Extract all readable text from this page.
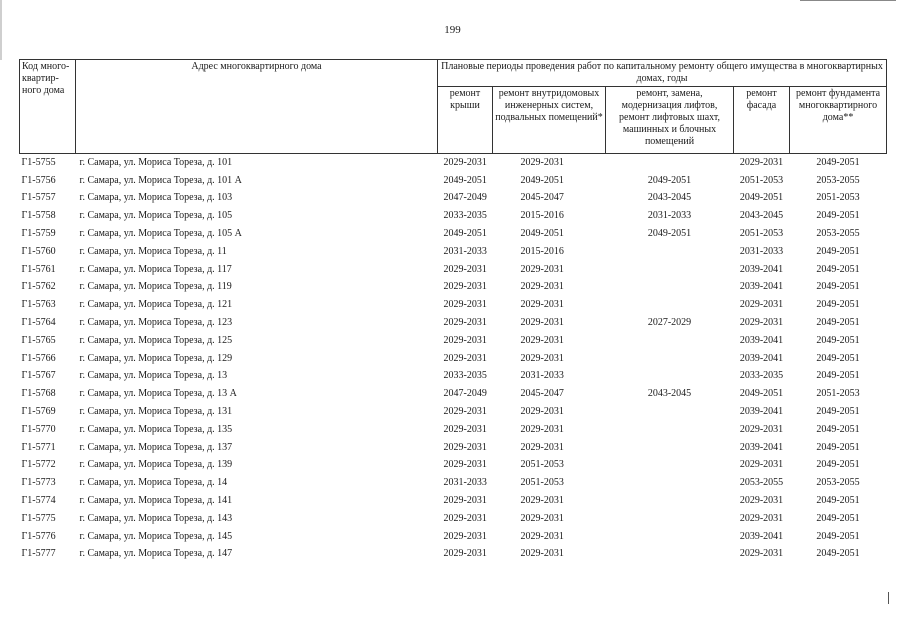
199
Код много-квартир-ного дома	Адрес многоквартирного дома	Плановые периоды проведения работ по капитальному ремонту общего имущества в многоквартирных домах, годы				
		ремонт крыши	ремонт внутридомовых инженерных систем, подвальных помещений*	ремонт, замена, модернизация лифтов, ремонт лифтовых шахт, машинных и блочных помещений	ремонт фасада	ремонт фундамента многоквартирного дома**
Г1-5755	г. Самара, ул. Мориса Тореза, д. 101	2029-2031	2029-2031		2029-2031	2049-2051
Г1-5756	г. Самара, ул. Мориса Тореза, д. 101 А	2049-2051	2049-2051	2049-2051	2051-2053	2053-2055
Г1-5757	г. Самара, ул. Мориса Тореза, д. 103	2047-2049	2045-2047	2043-2045	2049-2051	2051-2053
Г1-5758	г. Самара, ул. Мориса Тореза, д. 105	2033-2035	2015-2016	2031-2033	2043-2045	2049-2051
Г1-5759	г. Самара, ул. Мориса Тореза, д. 105 А	2049-2051	2049-2051	2049-2051	2051-2053	2053-2055
Г1-5760	г. Самара, ул. Мориса Тореза, д. 11	2031-2033	2015-2016		2031-2033	2049-2051
Г1-5761	г. Самара, ул. Мориса Тореза, д. 117	2029-2031	2029-2031		2039-2041	2049-2051
Г1-5762	г. Самара, ул. Мориса Тореза, д. 119	2029-2031	2029-2031		2039-2041	2049-2051
Г1-5763	г. Самара, ул. Мориса Тореза, д. 121	2029-2031	2029-2031		2029-2031	2049-2051
Г1-5764	г. Самара, ул. Мориса Тореза, д. 123	2029-2031	2029-2031	2027-2029	2029-2031	2049-2051
Г1-5765	г. Самара, ул. Мориса Тореза, д. 125	2029-2031	2029-2031		2039-2041	2049-2051
Г1-5766	г. Самара, ул. Мориса Тореза, д. 129	2029-2031	2029-2031		2039-2041	2049-2051
Г1-5767	г. Самара, ул. Мориса Тореза, д. 13	2033-2035	2031-2033		2033-2035	2049-2051
Г1-5768	г. Самара, ул. Мориса Тореза, д. 13 А	2047-2049	2045-2047	2043-2045	2049-2051	2051-2053
Г1-5769	г. Самара, ул. Мориса Тореза, д. 131	2029-2031	2029-2031		2039-2041	2049-2051
Г1-5770	г. Самара, ул. Мориса Тореза, д. 135	2029-2031	2029-2031		2029-2031	2049-2051
Г1-5771	г. Самара, ул. Мориса Тореза, д. 137	2029-2031	2029-2031		2039-2041	2049-2051
Г1-5772	г. Самара, ул. Мориса Тореза, д. 139	2029-2031	2051-2053		2029-2031	2049-2051
Г1-5773	г. Самара, ул. Мориса Тореза, д. 14	2031-2033	2051-2053		2053-2055	2053-2055
Г1-5774	г. Самара, ул. Мориса Тореза, д. 141	2029-2031	2029-2031		2029-2031	2049-2051
Г1-5775	г. Самара, ул. Мориса Тореза, д. 143	2029-2031	2029-2031		2029-2031	2049-2051
Г1-5776	г. Самара, ул. Мориса Тореза, д. 145	2029-2031	2029-2031		2039-2041	2049-2051
Г1-5777	г. Самара, ул. Мориса Тореза, д. 147	2029-2031	2029-2031		2029-2031	2049-2051
